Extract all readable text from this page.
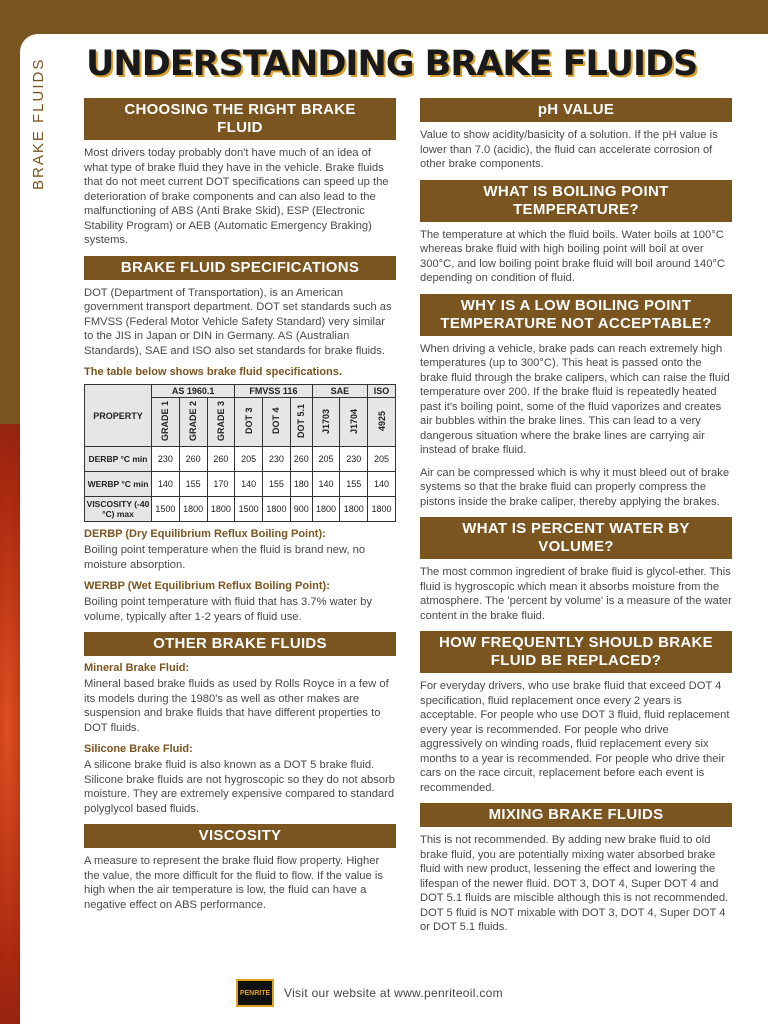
BRAKE FLUIDS UNDERSTANDING BRAKE FLUIDS
CHOOSING THE RIGHT BRAKE FLUID

Most drivers today probably don't have much of an idea of what type of brake fluid they have in the vehicle. Brake fluids that do not meet current DOT specifications can speed up the deterioration of brake components and can also lead to the malfunctioning of ABS (Anti Brake Skid), ESP (Electronic Stability Program) or AEB (Automatic Emergency Braking) systems.

BRAKE FLUID SPECIFICATIONS

DOT (Department of Transportation), is an American government transport department. DOT set standards such as FMVSS (Federal Motor Vehicle Safety Standard) very similar to the JIS in Japan or DIN in Germany. AS (Australian Standards), SAE and ISO also set standards for brake fluids.

The table below shows brake fluid specifications.

PROPERTY	AS 1960.1			FMVSS 116			SAE		ISO
	GRADE 1	GRADE 2	GRADE 3	DOT 3	DOT 4	DOT 5.1	J1703	J1704	4925
DERBP °C min	230	260	260	205	230	260	205	230	205
WERBP °C min	140	155	170	140	155	180	140	155	140
VISCOSITY (-40 °C) max	1500	1800	1800	1500	1800	900	1800	1800	1800

DERBP (Dry Equilibrium Reflux Boiling Point):

Boiling point temperature when the fluid is brand new, no moisture absorption.

WERBP (Wet Equilibrium Reflux Boiling Point):

Boiling point temperature with fluid that has 3.7% water by volume, typically after 1-2 years of fluid use.

OTHER BRAKE FLUIDS

Mineral Brake Fluid:

Mineral based brake fluids as used by Rolls Royce in a few of its models during the 1980's as well as other makes are suspension and brake fluids that have different properties to DOT fluids.

Silicone Brake Fluid:

A silicone brake fluid is also known as a DOT 5 brake fluid. Silicone brake fluids are not hygroscopic so they do not absorb moisture. They are extremely expensive compared to standard polyglycol based fluids.

VISCOSITY

A measure to represent the brake fluid flow property. Higher the value, the more difficult for the fluid to flow. If the value is high when the air temperature is low, the fluid can have a negative effect on ABS performance.

pH VALUE

Value to show acidity/basicity of a solution. If the pH value is lower than 7.0 (acidic), the fluid can accelerate corrosion of other brake components.

WHAT IS BOILING POINT TEMPERATURE?

The temperature at which the fluid boils. Water boils at 100°C whereas brake fluid with high boiling point will boil at over 300°C, and low boiling point brake fluid will boil around 140°C depending on condition of fluid.

WHY IS A LOW BOILING POINT TEMPERATURE NOT ACCEPTABLE?

When driving a vehicle, brake pads can reach extremely high temperatures (up to 300°C). This heat is passed onto the brake fluid through the brake calipers, which can raise the fluid temperature over 200. If the brake fluid is repeatedly heated past it's boiling point, some of the fluid vaporizes and creates air bubbles within the brake lines. This can lead to a very dangerous situation where the brake lines are carrying air instead of brake fluid.

Air can be compressed which is why it must bleed out of brake systems so that the brake fluid can properly compress the pistons inside the brake caliper, thereby applying the brakes.

WHAT IS PERCENT WATER BY VOLUME?

The most common ingredient of brake fluid is glycol-ether. This fluid is hygroscopic which mean it absorbs moisture from the atmosphere. The 'percent by volume' is a measure of the water content in the brake fluid.

HOW FREQUENTLY SHOULD BRAKE FLUID BE REPLACED?

For everyday drivers, who use brake fluid that exceed DOT 4 specification, fluid replacement once every 2 years is acceptable. For people who use DOT 3 fluid, fluid replacement every year is recommended. For people who drive aggressively on winding roads, fluid replacement every six months to a year is recommended. For people who drive their cars on the race circuit, replacement before each event is recommended.

MIXING BRAKE FLUIDS

This is not recommended. By adding new brake fluid to old brake fluid, you are potentially mixing water absorbed brake fluid with new product, lessening the effect and lowering the lifespan of the newer fluid. DOT 3, DOT 4, Super DOT 4 and DOT 5.1 fluids are miscible although this is not recommended. DOT 5 fluid is NOT mixable with DOT 3, DOT 4, Super DOT 4 or DOT 5.1 fluids.

PENRITE Visit our website at www.penriteoil.com
